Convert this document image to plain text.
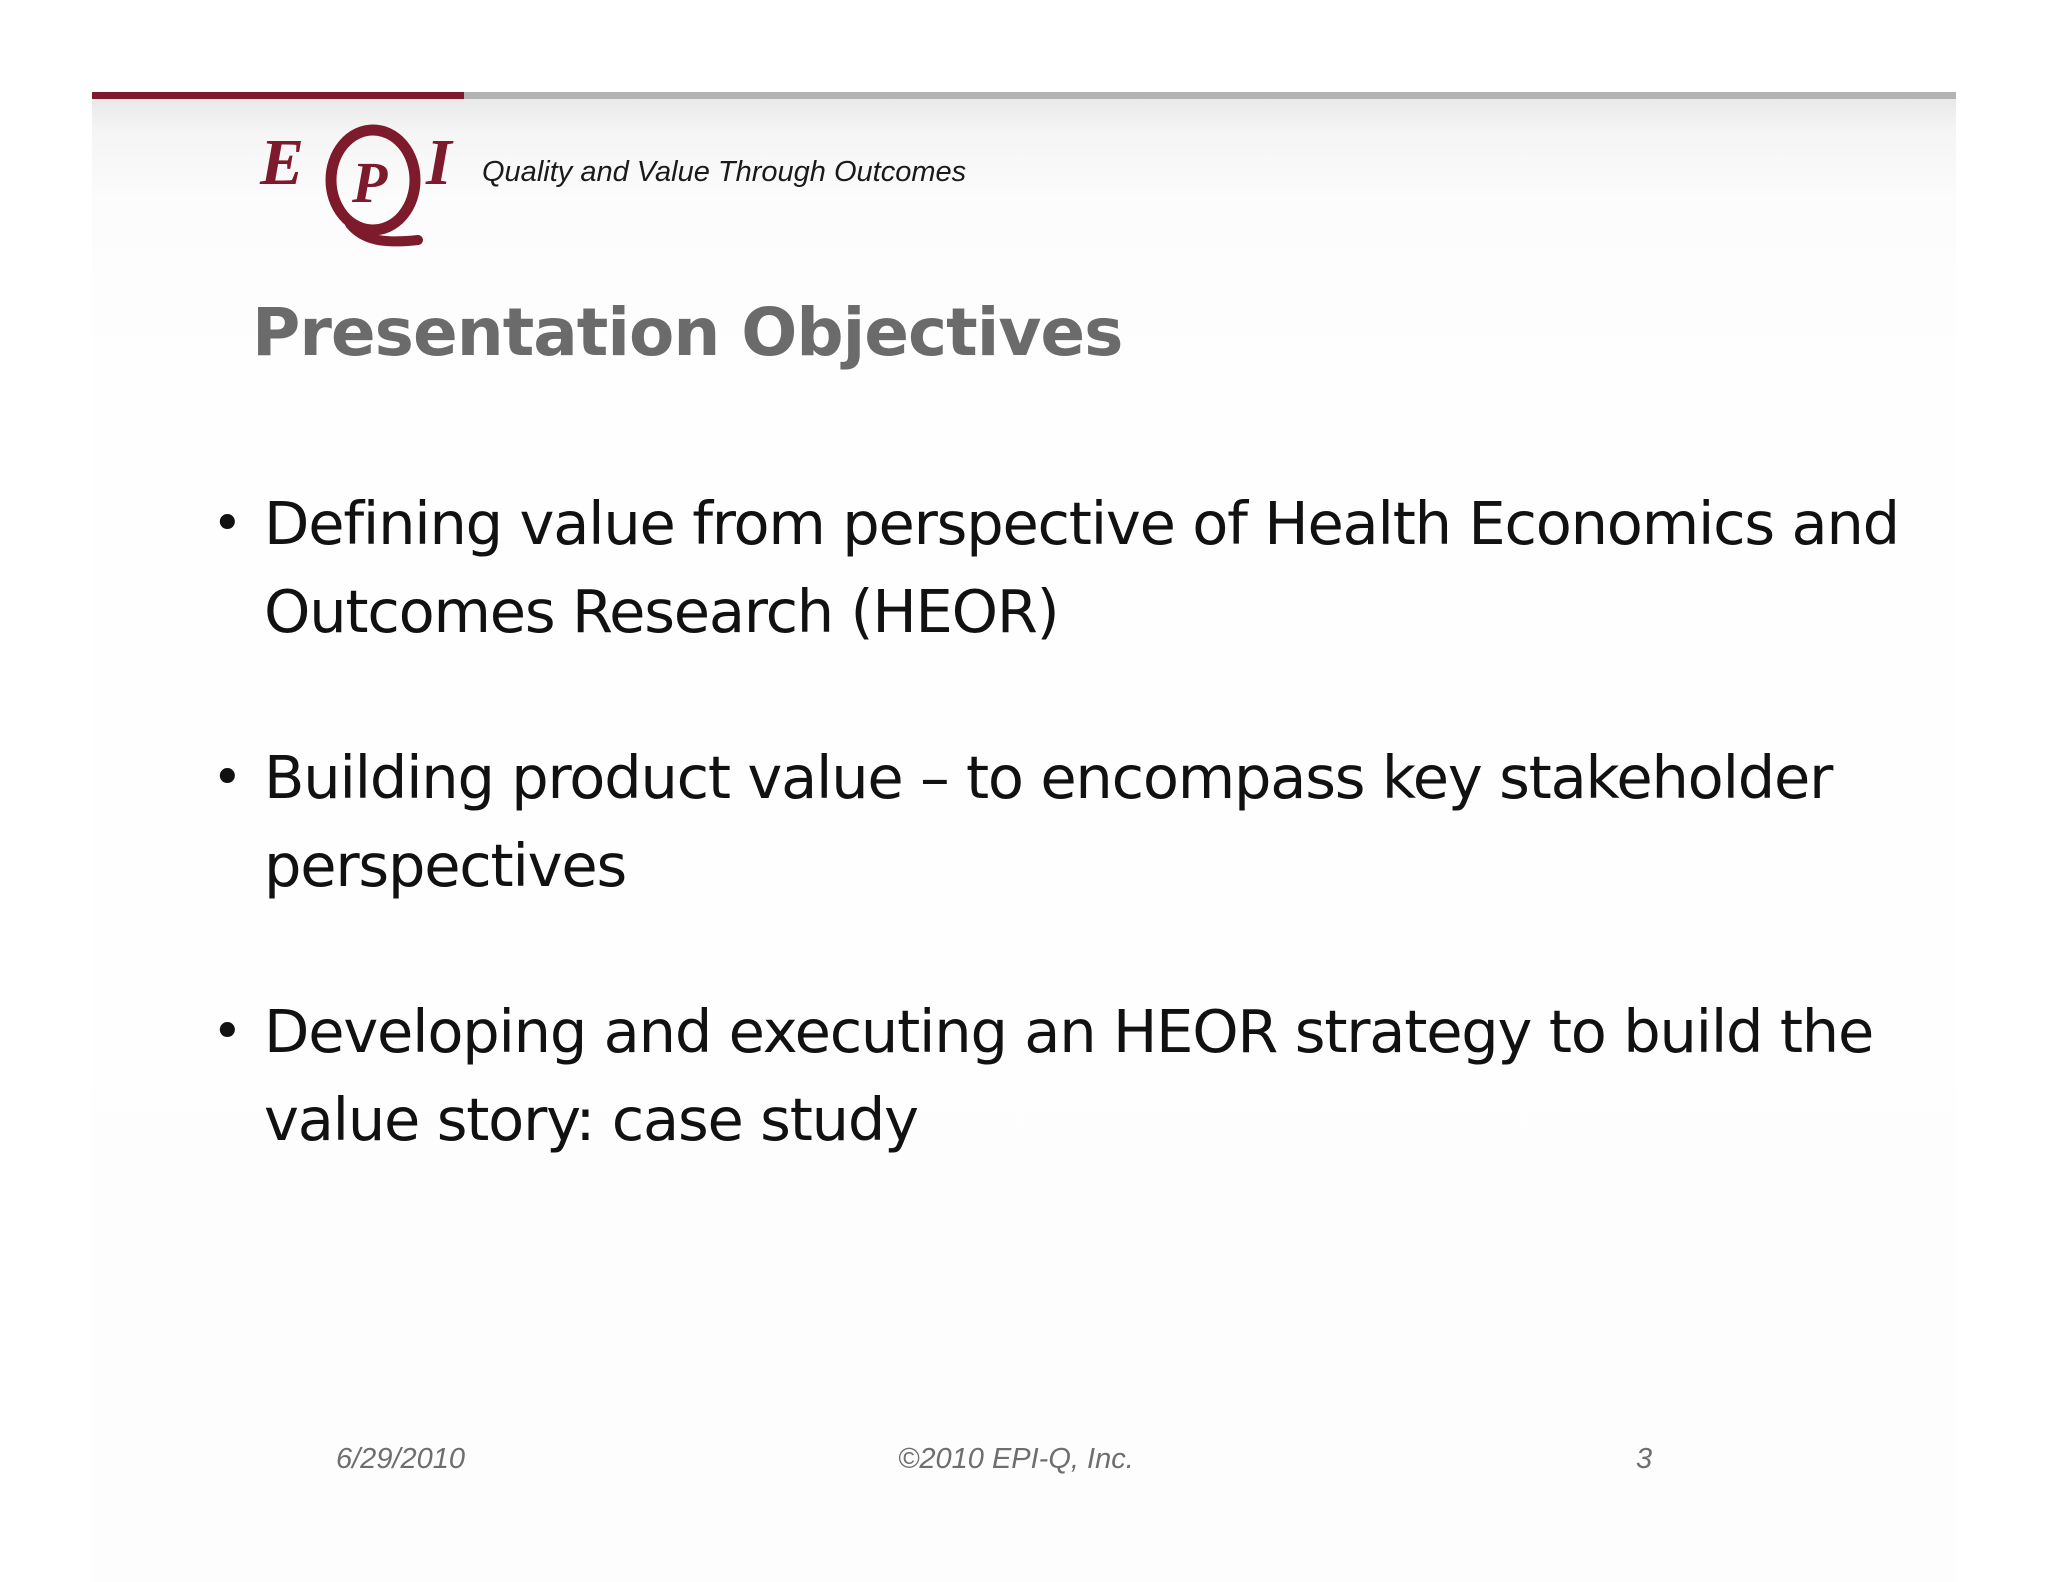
E P I Quality and Value Through Outcomes
Presentation Objectives
• Defining value from perspective of Health Economics and Outcomes Research (HEOR)
• Building product value – to encompass key stakeholder perspectives
• Developing and executing an HEOR strategy to build the value story: case study
6/29/2010	©2010 EPI-Q, Inc.	3
